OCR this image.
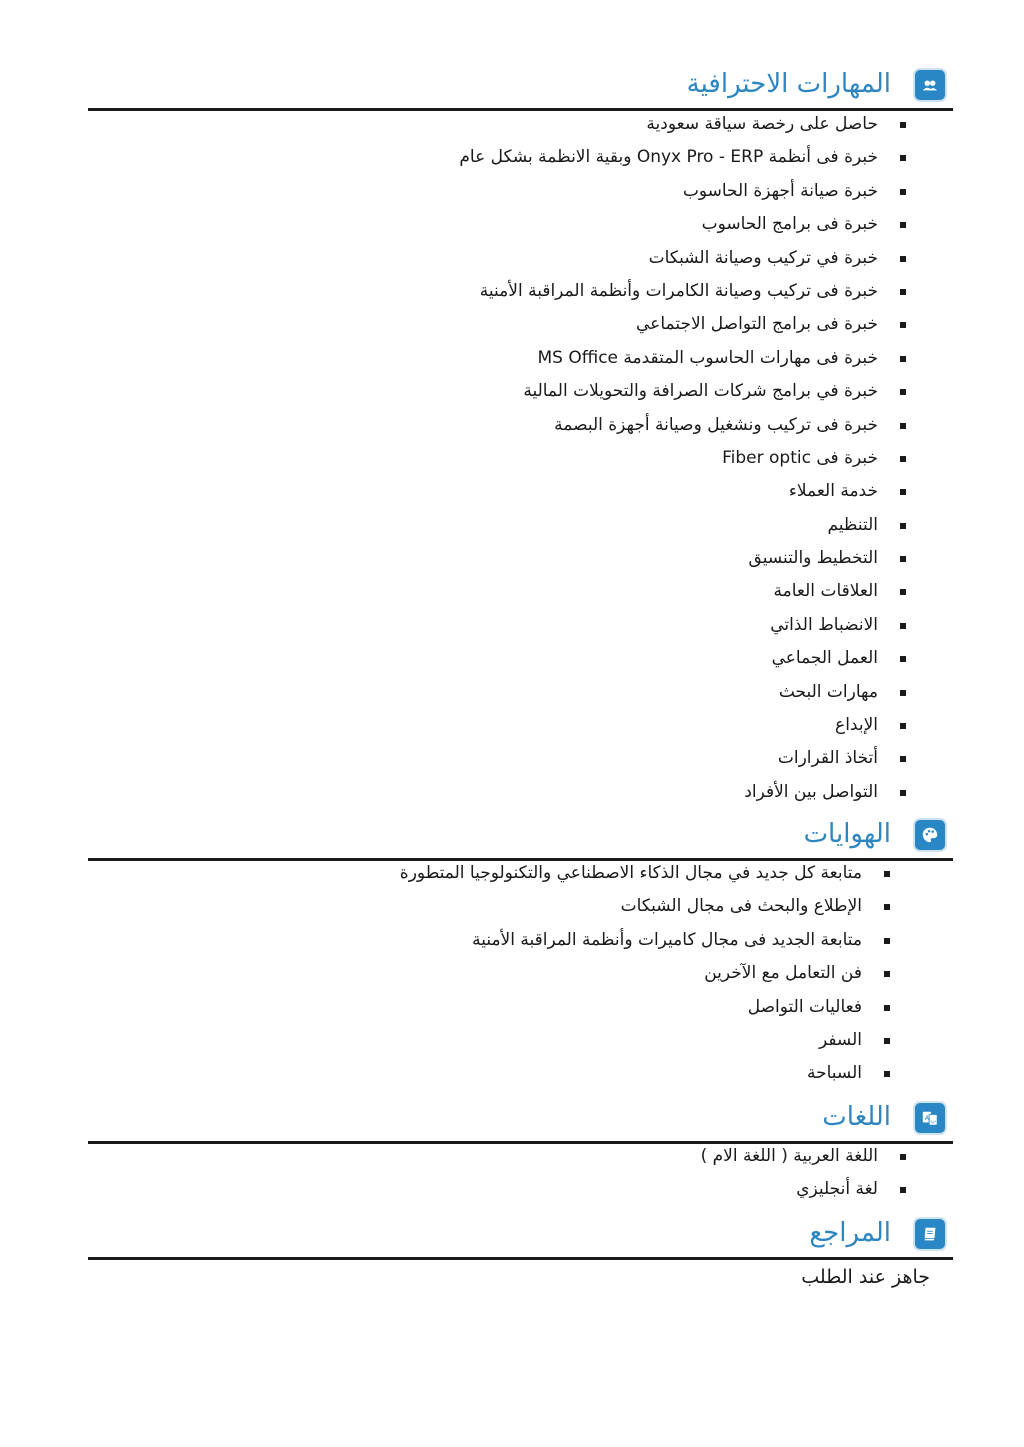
المهارات الاحترافية
حاصل على رخصة سياقة سعودية
خبرة فى أنظمة Onyx Pro - ERP وبقية الانظمة بشكل عام
خبرة صيانة أجهزة الحاسوب
خبرة فى برامج الحاسوب
خبرة في تركيب وصيانة الشبكات
خبرة فى تركيب وصيانة الكامرات وأنظمة المراقبة الأمنية
خبرة فى برامج التواصل الاجتماعي
خبرة فى مهارات الحاسوب المتقدمة MS Office
خبرة في برامج شركات الصرافة والتحويلات المالية
خبرة فى تركيب ونشغيل وصيانة أجهزة البصمة
خبرة فى Fiber optic
خدمة العملاء
التنظيم
التخطيط والتنسيق
العلاقات العامة
الانضباط الذاتي
العمل الجماعي
مهارات البحث
الإبداع
أتخاذ القرارات
التواصل بين الأفراد
الهوايات
متابعة كل جديد في مجال الذكاء الاصطناعي والتكنولوجيا المتطورة
الإطلاع والبحث فى مجال الشبكات
متابعة الجديد فى مجال كاميرات وأنظمة المراقبة الأمنية
فن التعامل مع الآخرين
فعاليات التواصل
السفر
السباحة
A ب
اللغات
اللغة العربية ( اللغة الام )
لغة أنجليزي
المراجع
جاهز عند الطلب
